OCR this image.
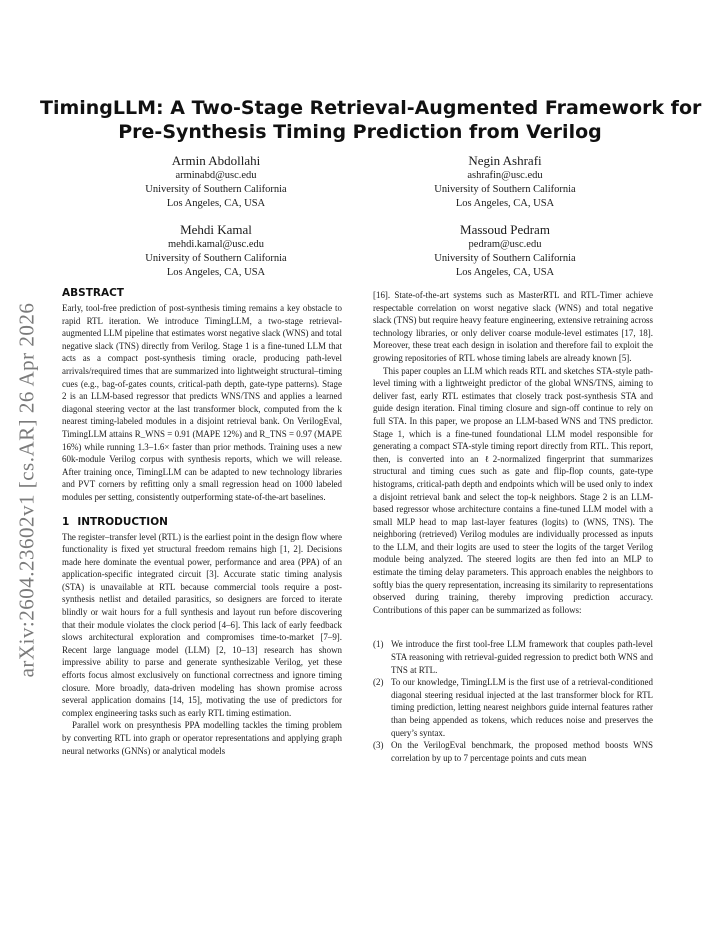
TimingLLM: A Two-Stage Retrieval-Augmented Framework for
Pre-Synthesis Timing Prediction from Verilog
Armin Abdollahi
arminabd@usc.edu
University of Southern California
Los Angeles, CA, USA
Negin Ashrafi
ashrafin@usc.edu
University of Southern California
Los Angeles, CA, USA
Mehdi Kamal
mehdi.kamal@usc.edu
University of Southern California
Los Angeles, CA, USA
Massoud Pedram
pedram@usc.edu
University of Southern California
Los Angeles, CA, USA
arXiv:2604.23602v1 [cs.AR] 26 Apr 2026
ABSTRACT

Early, tool-free prediction of post-synthesis timing remains a key obstacle to rapid RTL iteration. We introduce TimingLLM, a two-stage retrieval-augmented LLM pipeline that estimates worst negative slack (WNS) and total negative slack (TNS) directly from Verilog. Stage 1 is a fine-tuned LLM that acts as a compact post-synthesis timing oracle, producing path-level arrivals/required times that are summarized into lightweight structural–timing cues (e.g., bag-of-gates counts, critical-path depth, gate-type patterns). Stage 2 is an LLM-based regressor that predicts WNS/TNS and applies a learned diagonal steering vector at the last transformer block, computed from the k nearest timing-labeled modules in a disjoint retrieval bank. On VerilogEval, TimingLLM attains R_WNS = 0.91 (MAPE 12%) and R_TNS = 0.97 (MAPE 16%) while running 1.3–1.6× faster than prior methods. Training uses a new 60k-module Verilog corpus with synthesis reports, which we will release. After training once, TimingLLM can be adapted to new technology libraries and PVT corners by refitting only a small regression head on 1000 labeled modules per setting, consistently outperforming state-of-the-art baselines.

1 INTRODUCTION

The register–transfer level (RTL) is the earliest point in the design flow where functionality is fixed yet structural freedom remains high [1, 2]. Decisions made here dominate the eventual power, performance and area (PPA) of an application-specific integrated circuit [3]. Accurate static timing analysis (STA) is unavailable at RTL because commercial tools require a post-synthesis netlist and detailed parasitics, so designers are forced to iterate blindly or wait hours for a full synthesis and layout run before discovering that their module violates the clock period [4–6]. This lack of early feedback slows architectural exploration and compromises time-to-market [7–9]. Recent large language model (LLM) [2, 10–13] research has shown impressive ability to parse and generate synthesizable Verilog, yet these efforts focus almost exclusively on functional correctness and ignore timing closure. More broadly, data-driven modeling has shown promise across several application domains [14, 15], motivating the use of predictors for complex engineering tasks such as early RTL timing estimation.

Parallel work on presynthesis PPA modelling tackles the timing problem by converting RTL into graph or operator representations and applying graph neural networks (GNNs) or analytical models

[16]. State-of-the-art systems such as MasterRTL and RTL-Timer achieve respectable correlation on worst negative slack (WNS) and total negative slack (TNS) but require heavy feature engineering, extensive retraining across technology libraries, or only deliver coarse module-level estimates [17, 18]. Moreover, these treat each design in isolation and therefore fail to exploit the growing repositories of RTL whose timing labels are already known [5].

This paper couples an LLM which reads RTL and sketches STA-style path-level timing with a lightweight predictor of the global WNS/TNS, aiming to deliver fast, early RTL estimates that closely track post-synthesis STA and guide design iteration. Final timing closure and sign-off continue to rely on full STA. In this paper, we propose an LLM-based WNS and TNS predictor. Stage 1, which is a fine-tuned foundational LLM model responsible for generating a compact STA-style timing report directly from RTL. This report, then, is converted into an ℓ2-normalized fingerprint that summarizes structural and timing cues such as gate and flip-flop counts, gate-type histograms, critical-path depth and endpoints which will be used only to index a disjoint retrieval bank and select the top-k neighbors. Stage 2 is an LLM-based regressor whose architecture contains a fine-tuned LLM model with a small MLP head to map last-layer features (logits) to (WNS, TNS). The neighboring (retrieved) Verilog modules are individually processed as inputs to the LLM, and their logits are used to steer the logits of the target Verilog module being analyzed. The steered logits are then fed into an MLP to estimate the timing delay parameters. This approach enables the neighbors to softly bias the query representation, increasing its similarity to representations observed during training, thereby improving prediction accuracy. Contributions of this paper can be summarized as follows:

(1) We introduce the first tool-free LLM framework that couples path-level STA reasoning with retrieval-guided regression to predict both WNS and TNS at RTL.
(2) To our knowledge, TimingLLM is the first use of a retrieval-conditioned diagonal steering residual injected at the last transformer block for RTL timing prediction, letting nearest neighbors guide internal features rather than being appended as tokens, which reduces noise and preserves the query’s syntax.
(3) On the VerilogEval benchmark, the proposed method boosts WNS correlation by up to 7 percentage points and cuts mean
